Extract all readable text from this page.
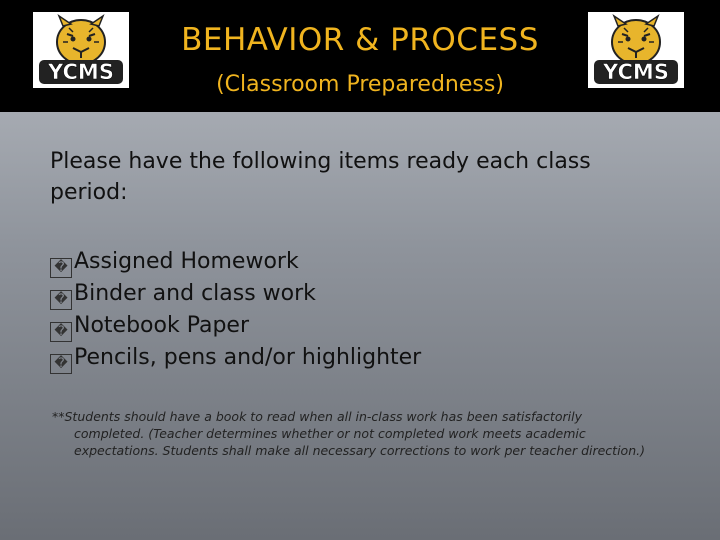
YCMS
BEHAVIOR & PROCESS
(Classroom Preparedness)	YCMS
Please have the following items ready each class period:
� Assigned Homework
� Binder and class work
� Notebook Paper
� Pencils, pens and/or highlighter
**Students should have a book to read when all in-class work has been satisfactorily completed. (Teacher determines whether or not completed work meets academic expectations. Students shall make all necessary corrections to work per teacher direction.)
